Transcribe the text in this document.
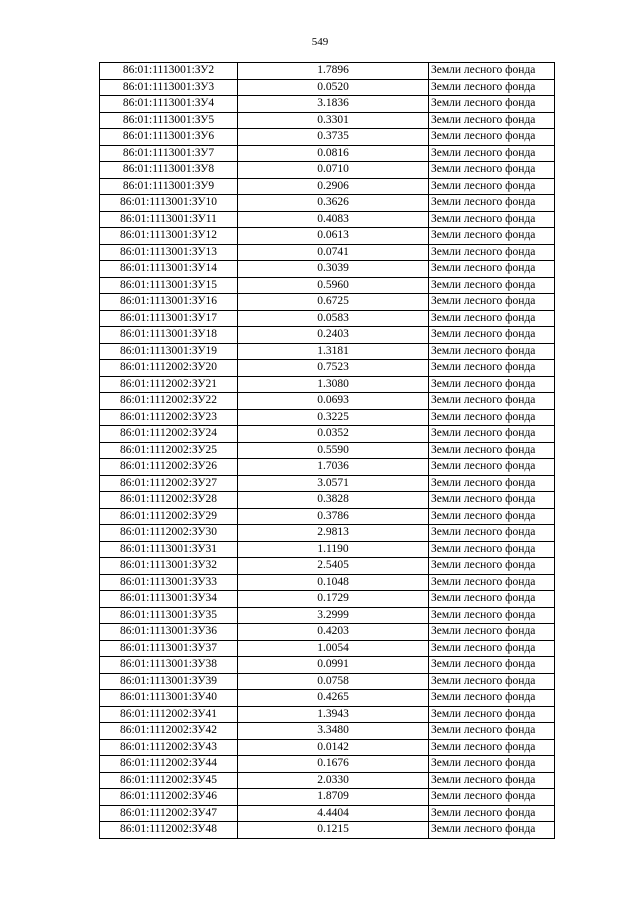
549
86:01:1113001:ЗУ2	1.7896	Земли лесного фонда
86:01:1113001:ЗУ3	0.0520	Земли лесного фонда
86:01:1113001:ЗУ4	3.1836	Земли лесного фонда
86:01:1113001:ЗУ5	0.3301	Земли лесного фонда
86:01:1113001:ЗУ6	0.3735	Земли лесного фонда
86:01:1113001:ЗУ7	0.0816	Земли лесного фонда
86:01:1113001:ЗУ8	0.0710	Земли лесного фонда
86:01:1113001:ЗУ9	0.2906	Земли лесного фонда
86:01:1113001:ЗУ10	0.3626	Земли лесного фонда
86:01:1113001:ЗУ11	0.4083	Земли лесного фонда
86:01:1113001:ЗУ12	0.0613	Земли лесного фонда
86:01:1113001:ЗУ13	0.0741	Земли лесного фонда
86:01:1113001:ЗУ14	0.3039	Земли лесного фонда
86:01:1113001:ЗУ15	0.5960	Земли лесного фонда
86:01:1113001:ЗУ16	0.6725	Земли лесного фонда
86:01:1113001:ЗУ17	0.0583	Земли лесного фонда
86:01:1113001:ЗУ18	0.2403	Земли лесного фонда
86:01:1113001:ЗУ19	1.3181	Земли лесного фонда
86:01:1112002:ЗУ20	0.7523	Земли лесного фонда
86:01:1112002:ЗУ21	1.3080	Земли лесного фонда
86:01:1112002:ЗУ22	0.0693	Земли лесного фонда
86:01:1112002:ЗУ23	0.3225	Земли лесного фонда
86:01:1112002:ЗУ24	0.0352	Земли лесного фонда
86:01:1112002:ЗУ25	0.5590	Земли лесного фонда
86:01:1112002:ЗУ26	1.7036	Земли лесного фонда
86:01:1112002:ЗУ27	3.0571	Земли лесного фонда
86:01:1112002:ЗУ28	0.3828	Земли лесного фонда
86:01:1112002:ЗУ29	0.3786	Земли лесного фонда
86:01:1112002:ЗУ30	2.9813	Земли лесного фонда
86:01:1113001:ЗУ31	1.1190	Земли лесного фонда
86:01:1113001:ЗУ32	2.5405	Земли лесного фонда
86:01:1113001:ЗУ33	0.1048	Земли лесного фонда
86:01:1113001:ЗУ34	0.1729	Земли лесного фонда
86:01:1113001:ЗУ35	3.2999	Земли лесного фонда
86:01:1113001:ЗУ36	0.4203	Земли лесного фонда
86:01:1113001:ЗУ37	1.0054	Земли лесного фонда
86:01:1113001:ЗУ38	0.0991	Земли лесного фонда
86:01:1113001:ЗУ39	0.0758	Земли лесного фонда
86:01:1113001:ЗУ40	0.4265	Земли лесного фонда
86:01:1112002:ЗУ41	1.3943	Земли лесного фонда
86:01:1112002:ЗУ42	3.3480	Земли лесного фонда
86:01:1112002:ЗУ43	0.0142	Земли лесного фонда
86:01:1112002:ЗУ44	0.1676	Земли лесного фонда
86:01:1112002:ЗУ45	2.0330	Земли лесного фонда
86:01:1112002:ЗУ46	1.8709	Земли лесного фонда
86:01:1112002:ЗУ47	4.4404	Земли лесного фонда
86:01:1112002:ЗУ48	0.1215	Земли лесного фонда
